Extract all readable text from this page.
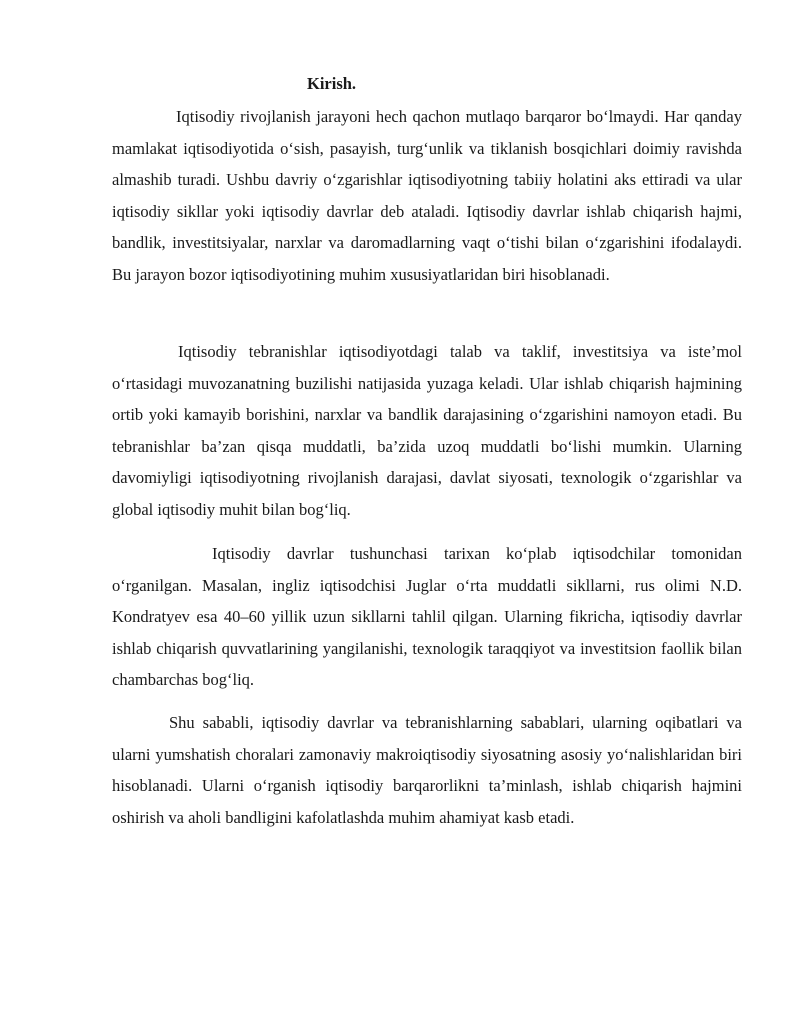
Kirish.

Iqtisodiy rivojlanish jarayoni hech qachon mutlaqo barqaror bo‘lmaydi. Har qanday mamlakat iqtisodiyotida o‘sish, pasayish, turg‘unlik va tiklanish bosqichlari doimiy ravishda almashib turadi. Ushbu davriy o‘zgarishlar iqtisodiyotning tabiiy holatini aks ettiradi va ular iqtisodiy sikllar yoki iqtisodiy davrlar deb ataladi. Iqtisodiy davrlar ishlab chiqarish hajmi, bandlik, investitsiyalar, narxlar va daromadlarning vaqt o‘tishi bilan o‘zgarishini ifodalaydi. Bu jarayon bozor iqtisodiyotining muhim xususiyatlaridan biri hisoblanadi.

Iqtisodiy tebranishlar iqtisodiyotdagi talab va taklif, investitsiya va iste’mol o‘rtasidagi muvozanatning buzilishi natijasida yuzaga keladi. Ular ishlab chiqarish hajmining ortib yoki kamayib borishini, narxlar va bandlik darajasining o‘zgarishini namoyon etadi. Bu tebranishlar ba’zan qisqa muddatli, ba’zida uzoq muddatli bo‘lishi mumkin. Ularning davomiyligi iqtisodiyotning rivojlanish darajasi, davlat siyosati, texnologik o‘zgarishlar va global iqtisodiy muhit bilan bog‘liq.

Iqtisodiy davrlar tushunchasi tarixan ko‘plab iqtisodchilar tomonidan o‘rganilgan. Masalan, ingliz iqtisodchisi Juglar o‘rta muddatli sikllarni, rus olimi N.D. Kondratyev esa 40–60 yillik uzun sikllarni tahlil qilgan. Ularning fikricha, iqtisodiy davrlar ishlab chiqarish quvvatlarining yangilanishi, texnologik taraqqiyot va investitsion faollik bilan chambarchas bog‘liq.

Shu sababli, iqtisodiy davrlar va tebranishlarning sabablari, ularning oqibatlari va ularni yumshatish choralari zamonaviy makroiqtisodiy siyosatning asosiy yo‘nalishlaridan biri hisoblanadi. Ularni o‘rganish iqtisodiy barqarorlikni ta’minlash, ishlab chiqarish hajmini oshirish va aholi bandligini kafolatlashda muhim ahamiyat kasb etadi.
